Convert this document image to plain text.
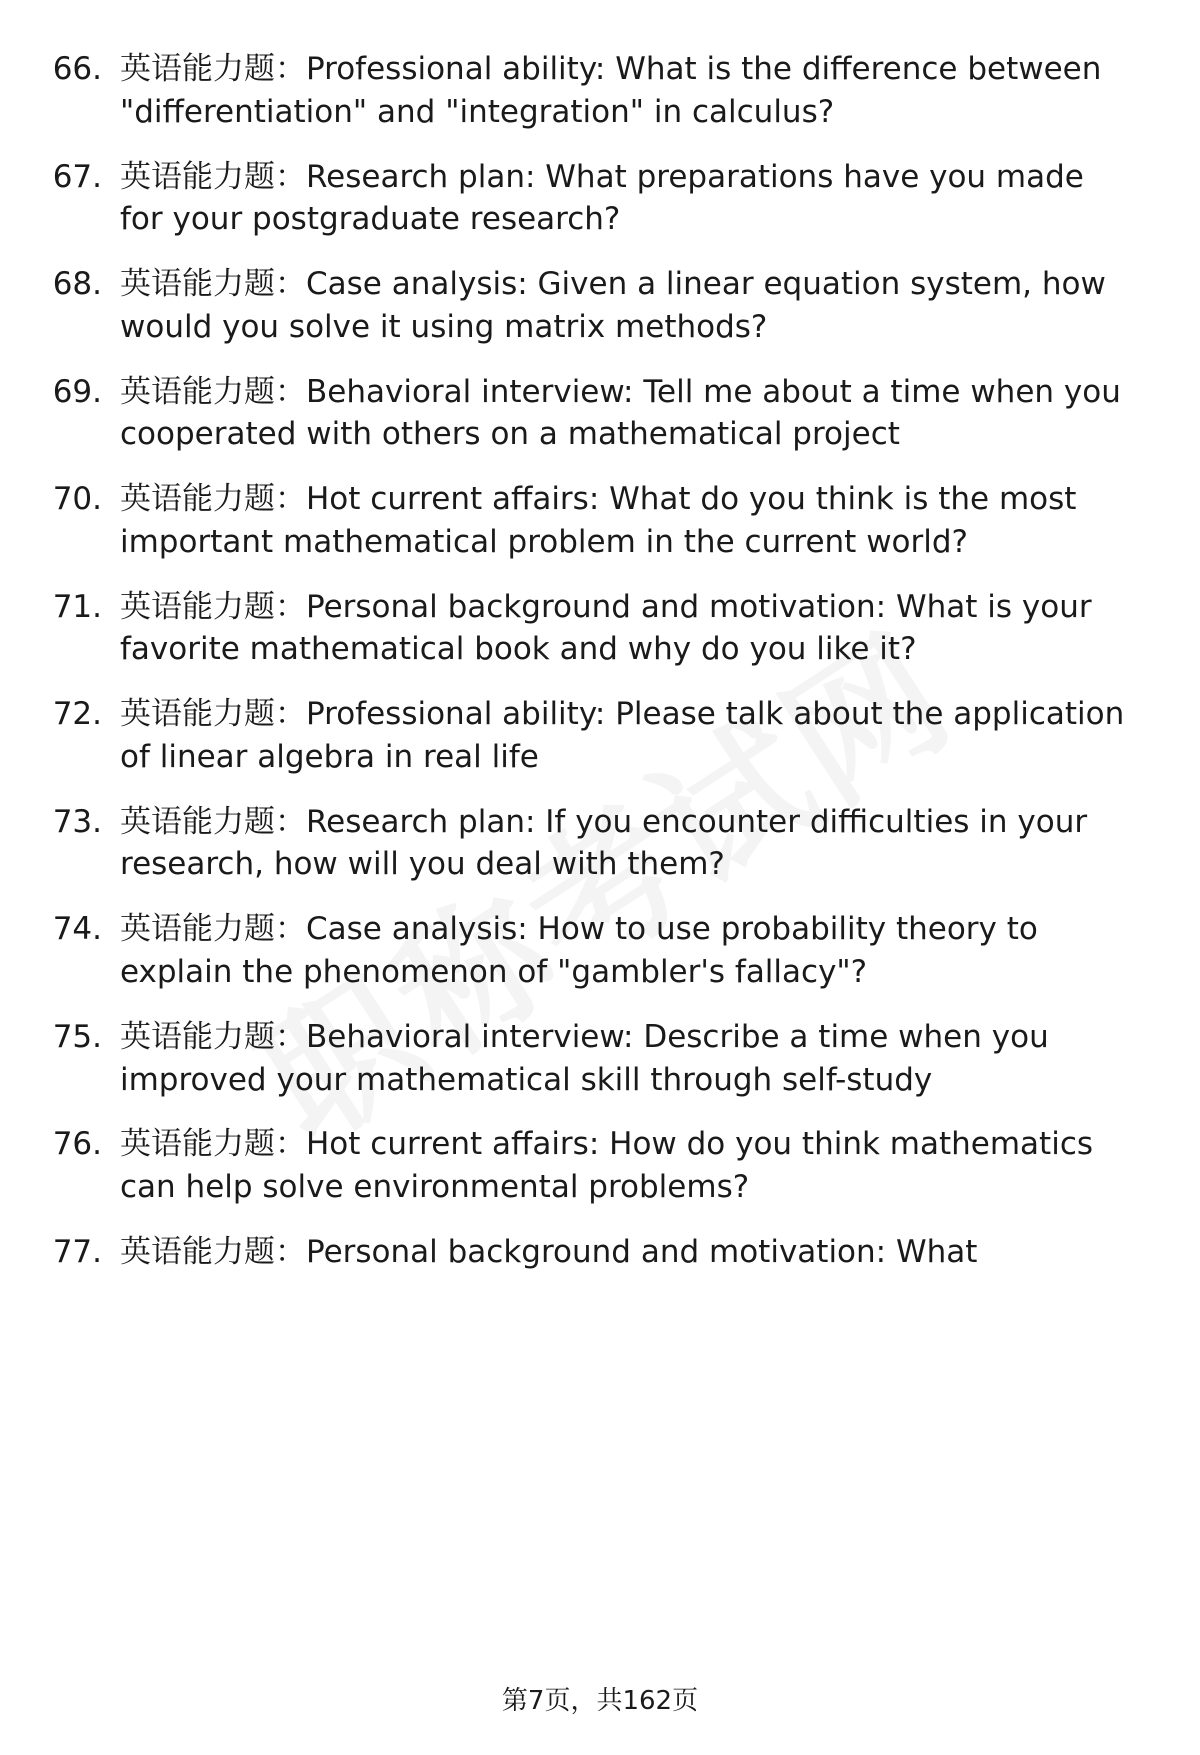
66. 英语能力题：Professional ability: What is the difference between "differentiation" and "integration" in calculus?
67. 英语能力题：Research plan: What preparations have you made for your postgraduate research?
68. 英语能力题：Case analysis: Given a linear equation system, how would you solve it using matrix methods?
69. 英语能力题：Behavioral interview: Tell me about a time when you cooperated with others on a mathematical project
70. 英语能力题：Hot current affairs: What do you think is the most important mathematical problem in the current world?
71. 英语能力题：Personal background and motivation: What is your favorite mathematical book and why do you like it?
72. 英语能力题：Professional ability: Please talk about the application of linear algebra in real life
73. 英语能力题：Research plan: If you encounter difficulties in your research, how will you deal with them?
74. 英语能力题：Case analysis: How to use probability theory to explain the phenomenon of "gambler's fallacy"?
75. 英语能力题：Behavioral interview: Describe a time when you improved your mathematical skill through self-study
76. 英语能力题：Hot current affairs: How do you think mathematics can help solve environmental problems?
77. 英语能力题：Personal background and motivation: What
第7页，共162页
